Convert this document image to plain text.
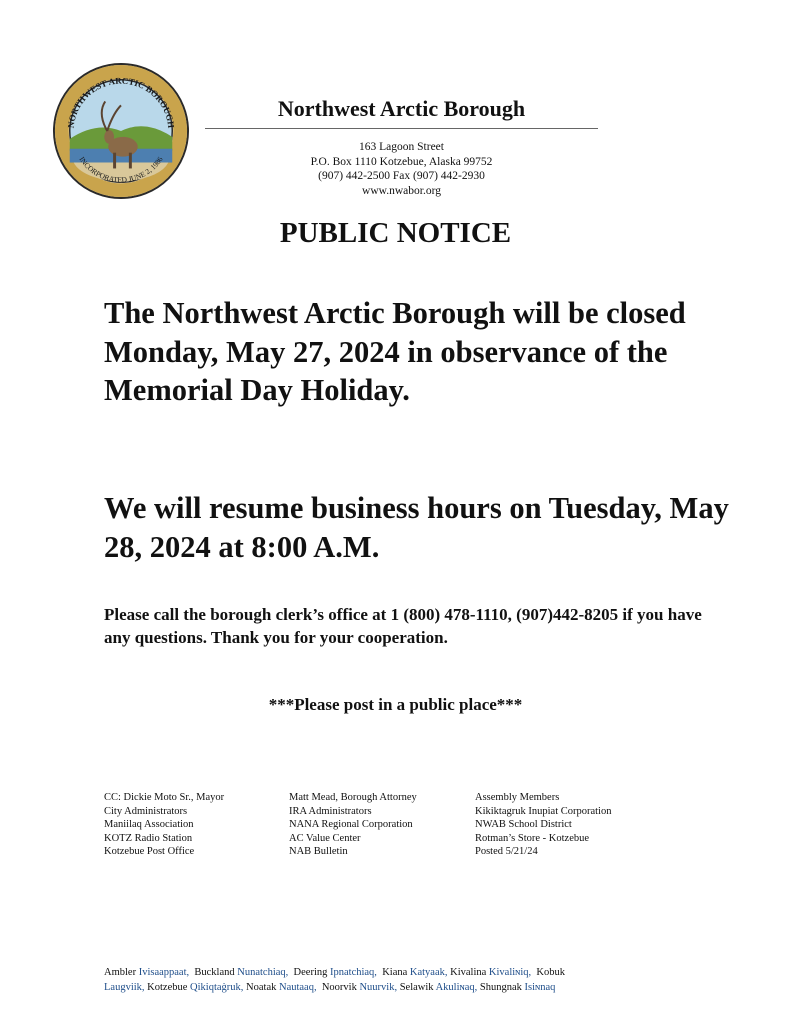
NORTHWEST ARCTIC BOROUGH
INCORPORATED JUNE 2, 1986
Northwest Arctic Borough
163 Lagoon Street
P.O. Box 1110 Kotzebue, Alaska 99752
(907) 442-2500 Fax (907) 442-2930
www.nwabor.org
PUBLIC NOTICE
The Northwest Arctic Borough will be closed Monday, May 27, 2024 in observance of the Memorial Day Holiday.
We will resume business hours on Tuesday, May 28, 2024 at 8:00 A.M.
Please call the borough clerk’s office at 1 (800) 478-1110, (907)442-8205 if you have any questions. Thank you for your cooperation.
***Please post in a public place***
CC: Dickie Moto Sr., Mayor
City Administrators
Maniilaq Association
KOTZ Radio Station
Kotzebue Post Office
Matt Mead, Borough Attorney
IRA Administrators
NANA Regional Corporation
AC Value Center
NAB Bulletin
Assembly Members
Kikiktagruk Inupiat Corporation
NWAB School District
Rotman’s Store - Kotzebue
Posted 5/21/24
Ambler Ivisaappaat, Buckland Nunatchiaq, Deering Ipnatchiaq, Kiana Katyaak, Kivalina Kivaliɴiq, Kobuk
Laugviik, Kotzebue Qikiqtaġruk, Noatak Nautaaq, Noorvik Nuurvik, Selawik Akuliɴaq, Shungnak Isiɴnaq
